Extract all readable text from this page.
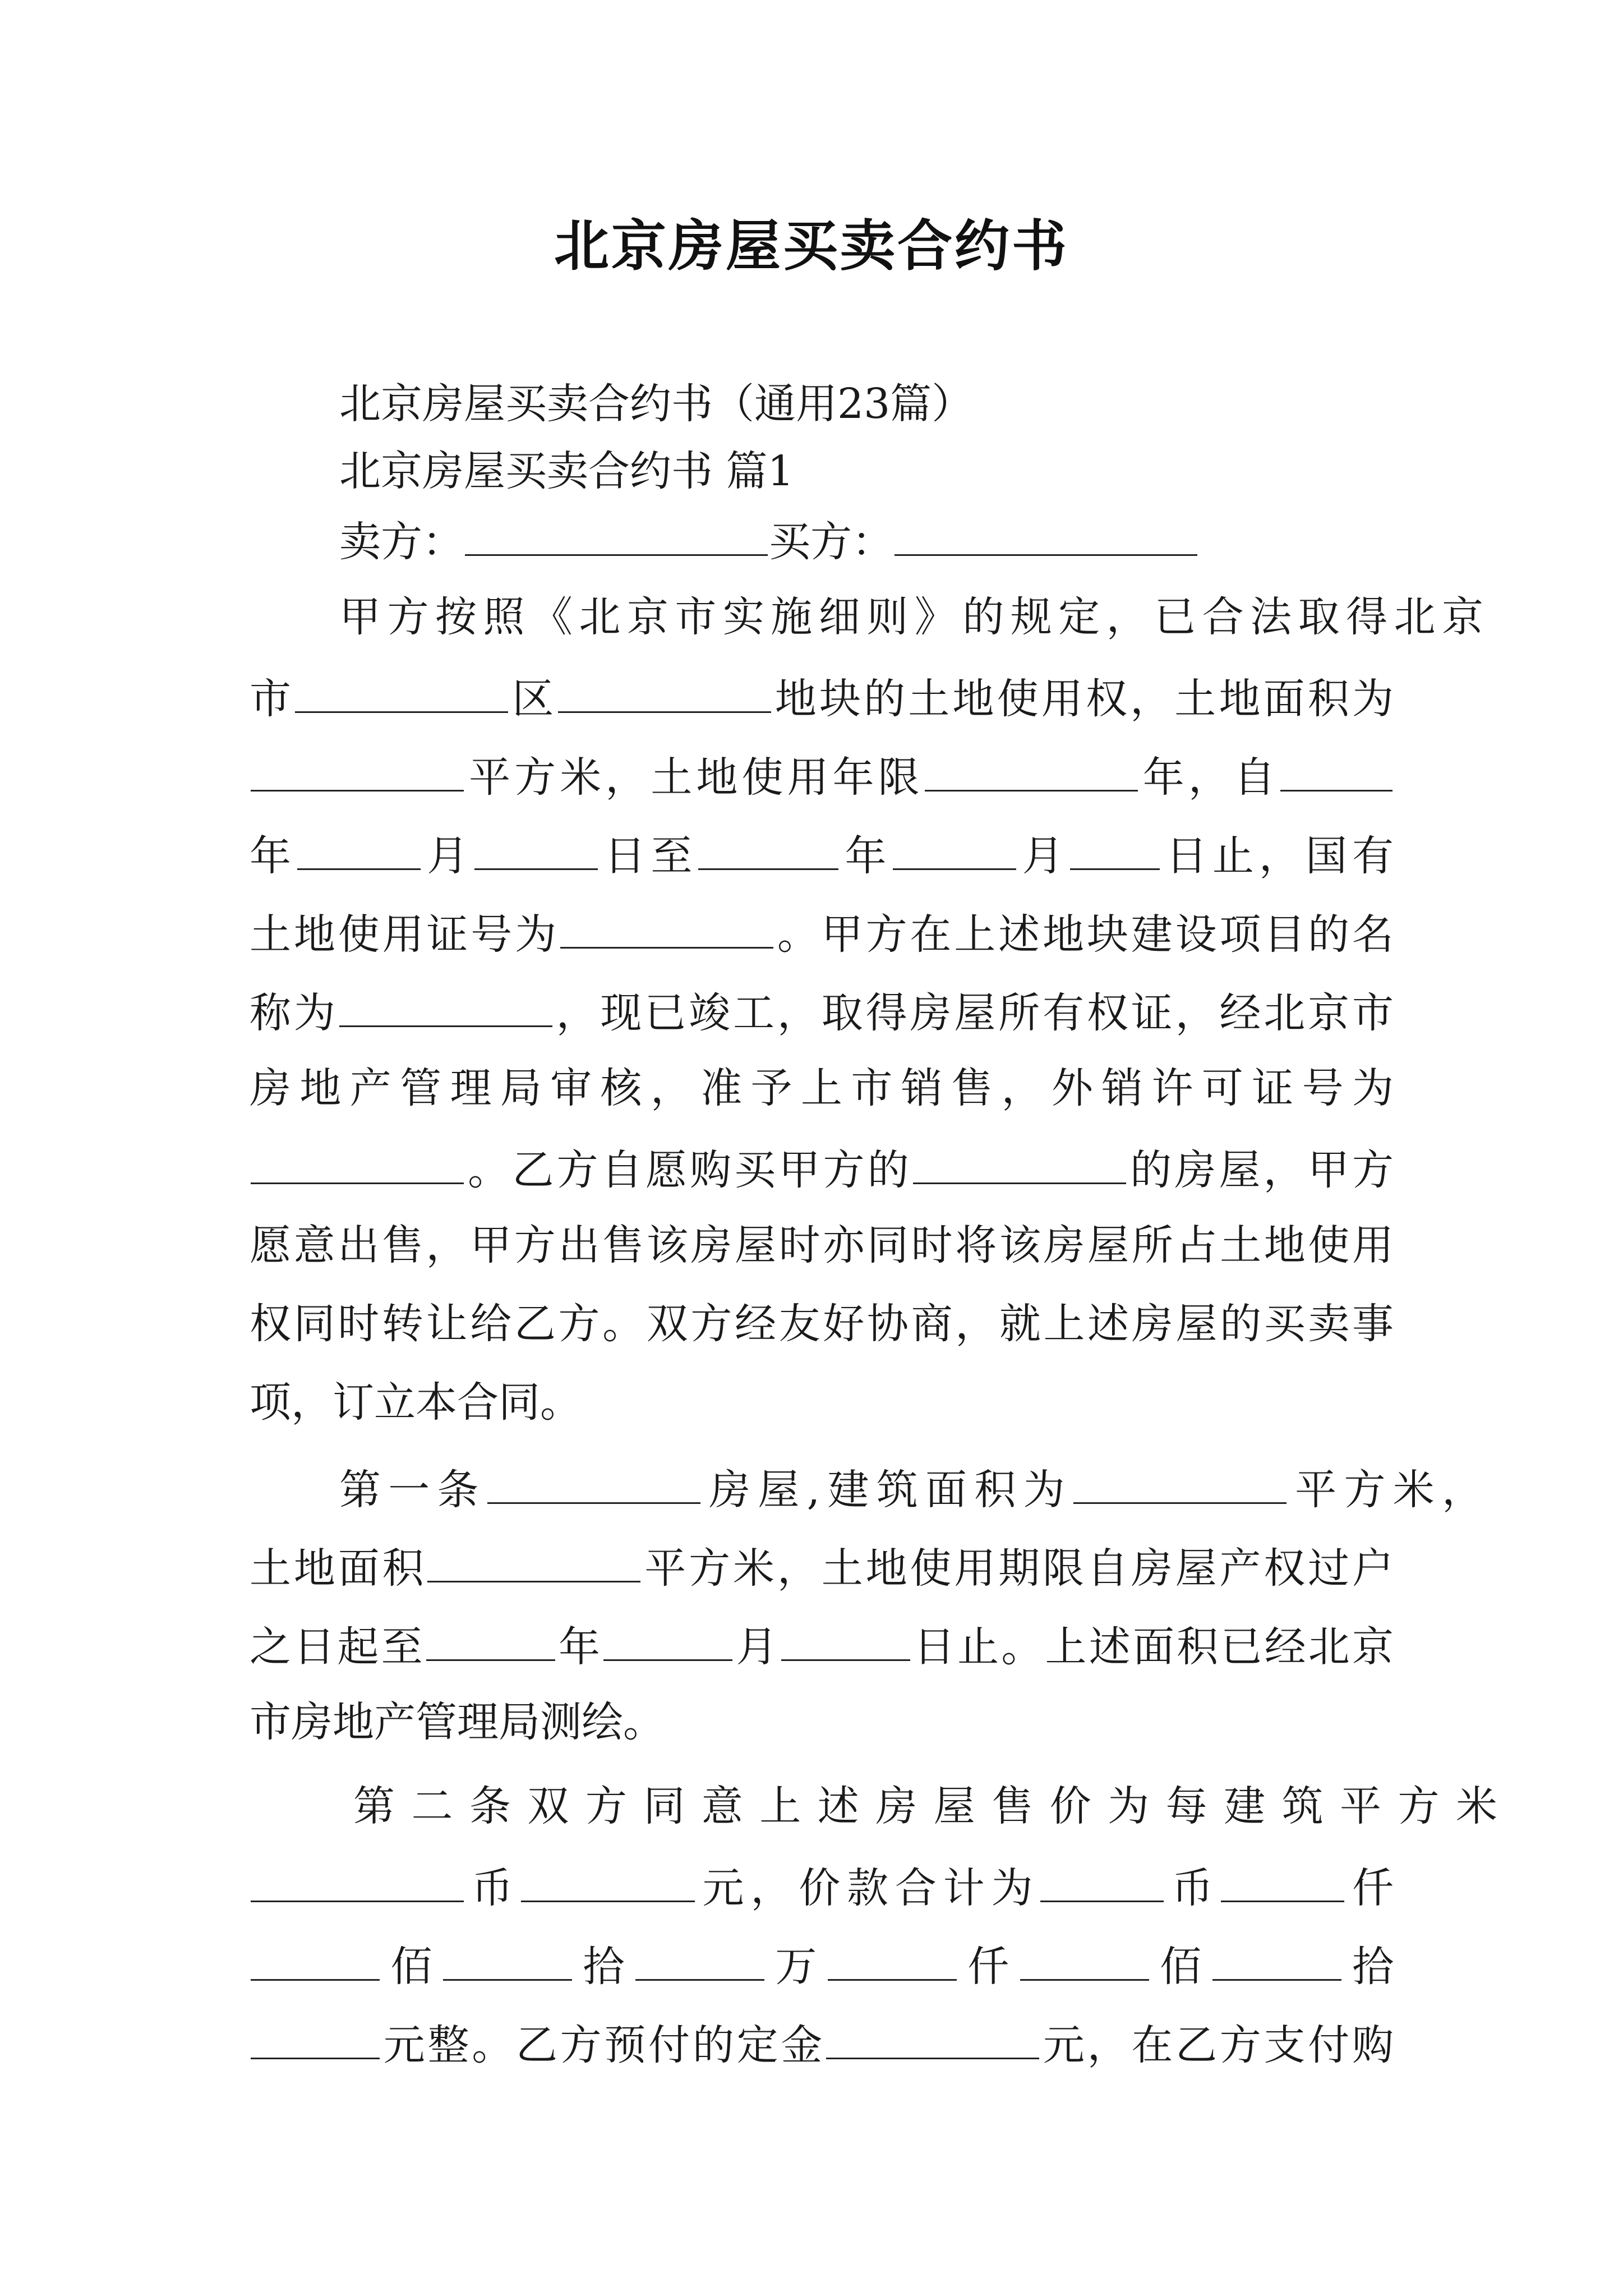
北京房屋买卖合约书
北京房屋买卖合约书（通用23篇）
北京房屋买卖合约书 篇1
卖方：	买方：
甲方按照《北京市实施细则》的规定，已合法取得北京
市	区	地块的土地使用权，土地面积为
平方米，土地使用年限	年，自
年	月	日至	年	月 日止，国有
土地使用证号为	。甲方在上述地块建设项目的名
称为	，现已竣工，取得房屋所有权证，经北京市
房地产管理局审核，准予上市销售，外销许可证号为
。乙方自愿购买甲方的	的房屋，甲方
愿意出售，甲方出售该房屋时亦同时将该房屋所占土地使用
权同时转让给乙方。双方经友好协商，就上述房屋的买卖事
项，订立本合同。
第一条	房屋,建筑面积为	平方米，
土地面积	平方米，土地使用期限自房屋产权过户
之日起至	年	月	日止。上述面积已经北京
市房地产管理局测绘。
第二条双方同意上述房屋售价为每建筑平方米
币	元，价款合计为	币	仟
佰	拾	万	仟	佰	拾
元整。乙方预付的定金	元，在乙方支付购
